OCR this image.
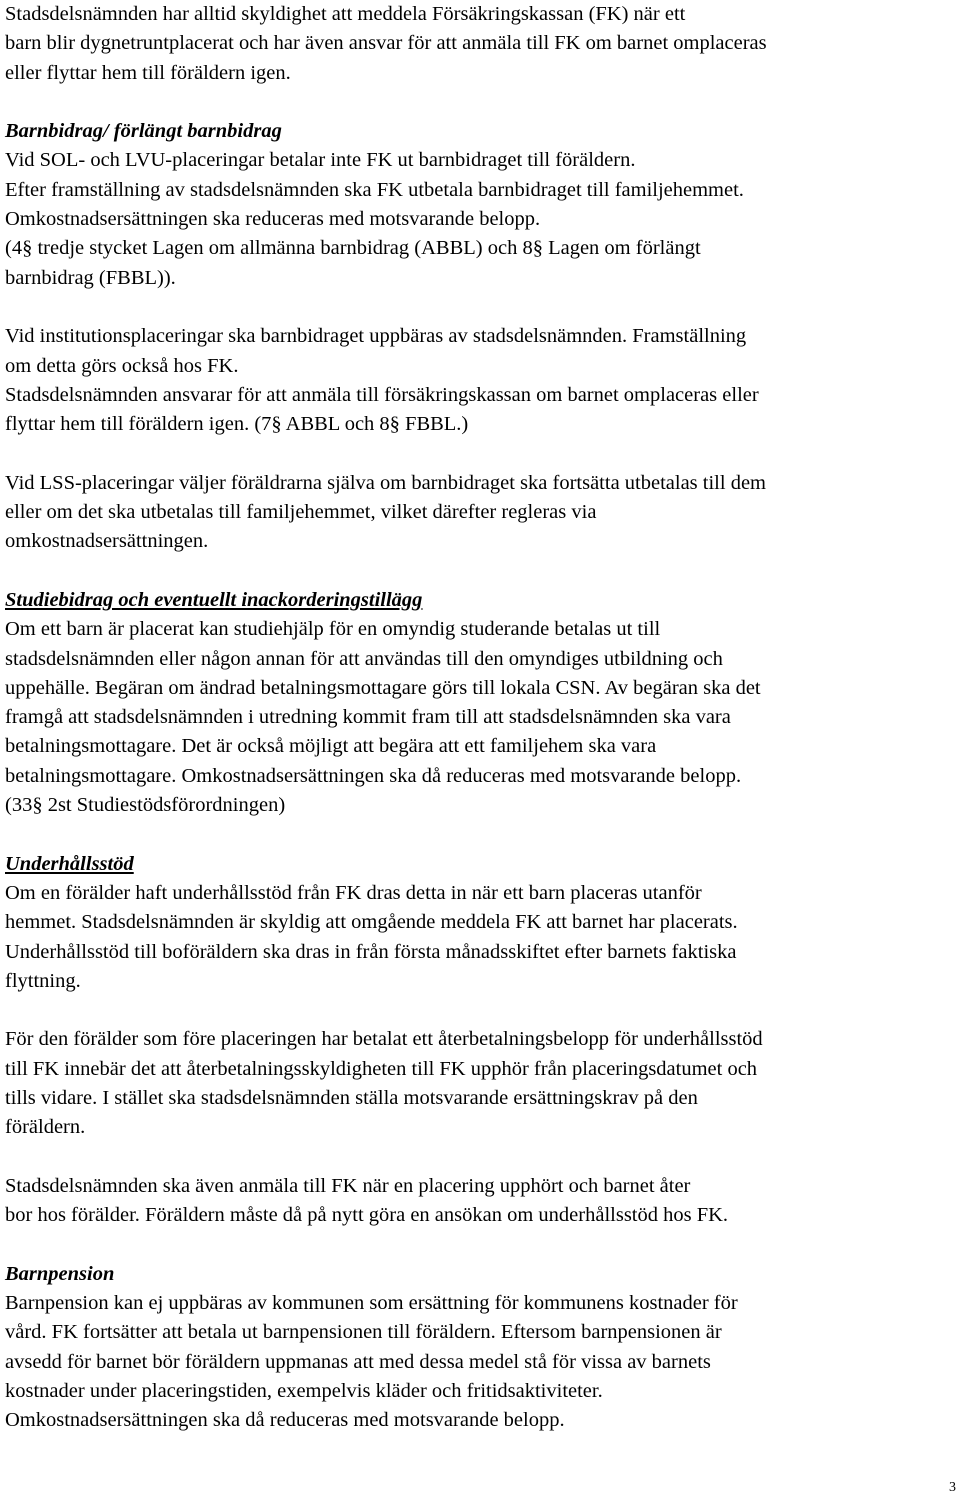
Stadsdelsnämnden har alltid skyldighet att meddela Försäkringskassan (FK) när ett
barn blir dygnetruntplacerat och har även ansvar för att anmäla till FK om barnet omplaceras
eller flyttar hem till föräldern igen.
Barnbidrag/ förlängt barnbidrag
Vid SOL- och LVU-placeringar betalar inte FK ut barnbidraget till föräldern.
Efter framställning av stadsdelsnämnden ska FK utbetala barnbidraget till familjehemmet.
Omkostnadsersättningen ska reduceras med motsvarande belopp.
(4§ tredje stycket Lagen om allmänna barnbidrag (ABBL) och 8§ Lagen om förlängt
barnbidrag (FBBL)).
Vid institutionsplaceringar ska barnbidraget uppbäras av stadsdelsnämnden. Framställning
om detta görs också hos FK.
Stadsdelsnämnden ansvarar för att anmäla till försäkringskassan om barnet omplaceras eller
flyttar hem till föräldern igen. (7§ ABBL och 8§ FBBL.)
Vid LSS-placeringar väljer föräldrarna själva om barnbidraget ska fortsätta utbetalas till dem
eller om det ska utbetalas till familjehemmet, vilket därefter regleras via
omkostnadsersättningen.
Studiebidrag och eventuellt inackorderingstillägg
Om ett barn är placerat kan studiehjälp för en omyndig studerande betalas ut till
stadsdelsnämnden eller någon annan för att användas till den omyndiges utbildning och
uppehälle. Begäran om ändrad betalningsmottagare görs till lokala CSN. Av begäran ska det
framgå att stadsdelsnämnden i utredning kommit fram till att stadsdelsnämnden ska vara
betalningsmottagare. Det är också möjligt att begära att ett familjehem ska vara
betalningsmottagare. Omkostnadsersättningen ska då reduceras med motsvarande belopp.
(33§ 2st Studiestödsförordningen)
Underhållsstöd
Om en förälder haft underhållsstöd från FK dras detta in när ett barn placeras utanför
hemmet. Stadsdelsnämnden är skyldig att omgående meddela FK att barnet har placerats.
Underhållsstöd till boföräldern ska dras in från första månadsskiftet efter barnets faktiska
flyttning.
För den förälder som före placeringen har betalat ett återbetalningsbelopp för underhållsstöd
till FK innebär det att återbetalningsskyldigheten till FK upphör från placeringsdatumet och
tills vidare. I stället ska stadsdelsnämnden ställa motsvarande ersättningskrav på den
föräldern.
Stadsdelsnämnden ska även anmäla till FK när en placering upphört och barnet åter
bor hos förälder. Föräldern måste då på nytt göra en ansökan om underhållsstöd hos FK.
Barnpension
Barnpension kan ej uppbäras av kommunen som ersättning för kommunens kostnader för
vård. FK fortsätter att betala ut barnpensionen till föräldern. Eftersom barnpensionen är
avsedd för barnet bör föräldern uppmanas att med dessa medel stå för vissa av barnets
kostnader under placeringstiden, exempelvis kläder och fritidsaktiviteter.
Omkostnadsersättningen ska då reduceras med motsvarande belopp.
3
